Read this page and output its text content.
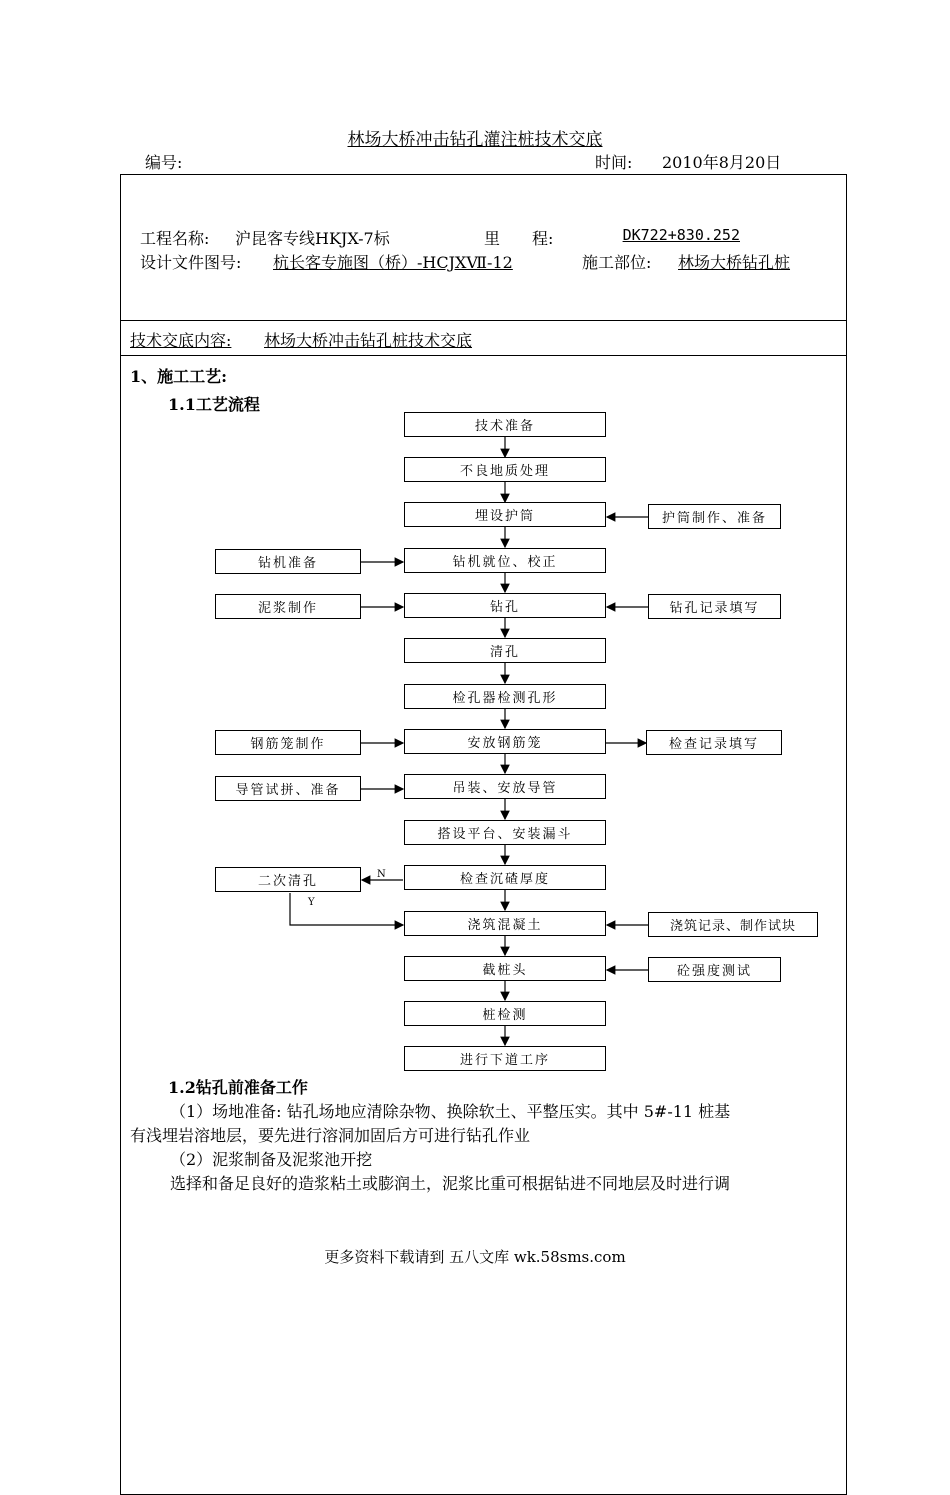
林场大桥冲击钻孔灌注桩技术交底
编号:	时间: 2010年8月20日
工程名称: 沪昆客专线HKJX-7标	里　　程:	DK722+830.252
设计文件图号: 杭长客专施图（桥）-HCJXⅦ-12	施工部位: 林场大桥钻孔桩
技术交底内容: 林场大桥冲击钻孔桩技术交底
1、施工工艺:
1.1工艺流程
技术准备
不良地质处理
埋设护筒
钻机就位、校正
钻孔
清孔
检孔器检测孔形
安放钢筋笼
吊装、安放导管
搭设平台、安装漏斗
检查沉碴厚度
浇筑混凝土
截桩头
桩检测
进行下道工序
钻机准备
泥浆制作
钢筋笼制作
导管试拼、准备
二次清孔
护筒制作、准备
钻孔记录填写
检查记录填写
浇筑记录、制作试块
砼强度测试
N
Y
1.2钻孔前准备工作
（1）场地准备: 钻孔场地应清除杂物、换除软土、平整压实。其中 5#-11 桩基
有浅埋岩溶地层，要先进行溶洞加固后方可进行钻孔作业
（2）泥浆制备及泥浆池开挖
选择和备足良好的造浆粘土或膨润土，泥浆比重可根据钻进不同地层及时进行调
更多资料下载请到 五八文库 wk.58sms.com
